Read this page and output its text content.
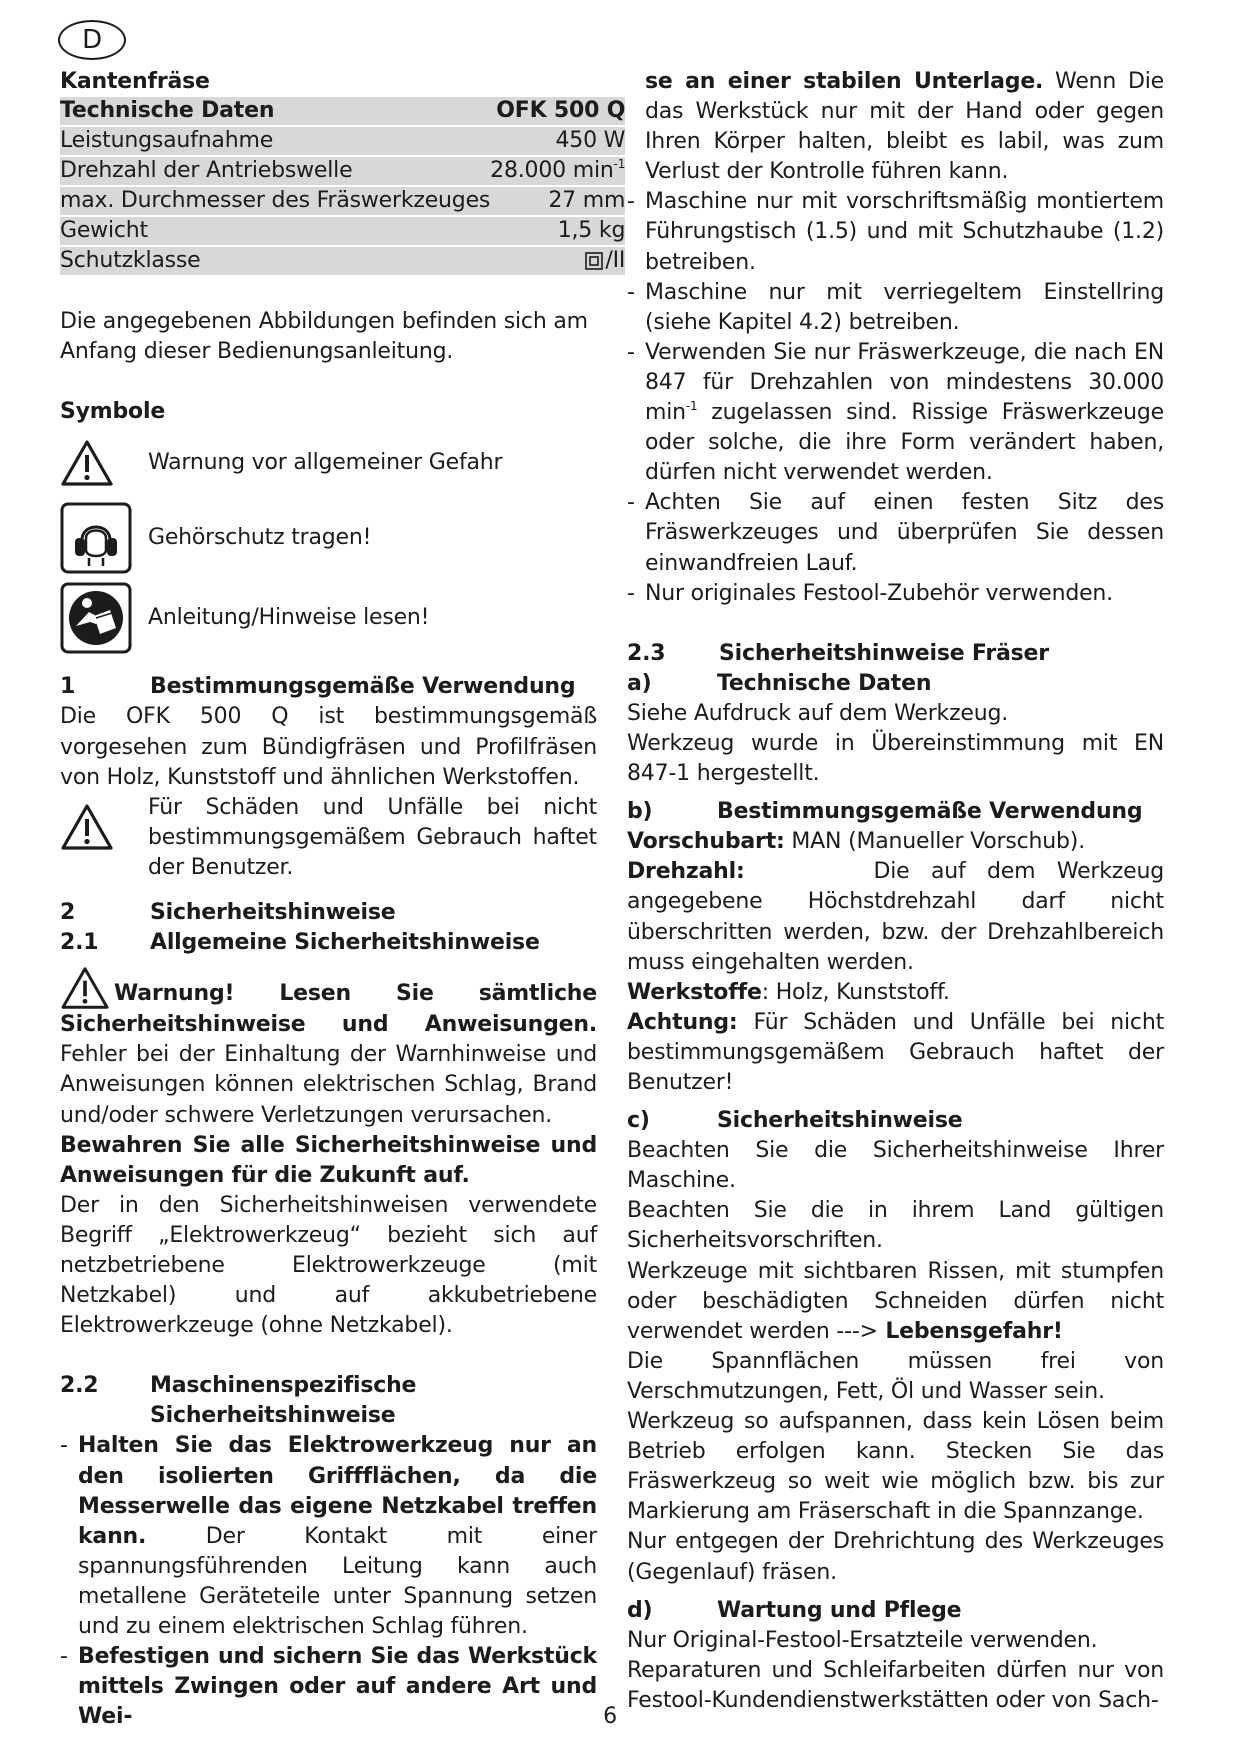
D

Kantenfräse

Technische Daten	OFK 500 Q
Leistungsaufnahme	450 W
Drehzahl der Antriebswelle	28.000 $\min^{-1}$
max. Durchmesser des Fräswerkzeuges	27 mm
Gewicht	1,5 kg
Schutzklasse	/II

Die angegebenen Abbildungen befinden sich am Anfang dieser Bedienungsanleitung.

Symbole

Warnung vor allgemeiner Gefahr
Gehörschutz tragen!
Anleitung/Hinweise lesen!
1	Bestimmungsgemäße Verwendung

Die OFK 500 Q ist bestimmungsgemäß vorgesehen zum Bündigfräsen und Profilfräsen von Holz, Kunststoff und ähnlichen Werkstoffen.

Für Schäden und Unfälle bei nicht bestimmungsgemäßem Gebrauch haftet der Benutzer.

2	Sicherheitshinweise
2.1	Allgemeine Sicherheitshinweise

Warnung! Lesen Sie sämtliche Sicherheitshinweise und Anweisungen. Fehler bei der Einhaltung der Warnhinweise und Anweisungen können elektrischen Schlag, Brand und/oder schwere Verletzungen verursachen.

Bewahren Sie alle Sicherheitshinweise und Anweisungen für die Zukunft auf.

Der in den Sicherheitshinweisen verwendete Begriff „Elektrowerkzeug“ bezieht sich auf netzbetriebene Elektrowerkzeuge (mit Netzkabel) und auf akkubetriebene Elektrowerkzeuge (ohne Netzkabel).

2.2	Maschinenspezifische Sicherheitshinweise
- Halten Sie das Elektrowerkzeug nur an den isolierten Griffflächen, da die Messerwelle das eigene Netzkabel treffen kann. Der Kontakt mit einer spannungsführenden Leitung kann auch metallene Geräteteile unter Spannung setzen und zu einem elektrischen Schlag führen.

- Befestigen und sichern Sie das Werkstück mittels Zwingen oder auf andere Art und Wei-

se an einer stabilen Unterlage. Wenn Die das Werkstück nur mit der Hand oder gegen Ihren Körper halten, bleibt es labil, was zum Verlust der Kontrolle führen kann.

- Maschine nur mit vorschriftsmäßig montiertem Führungstisch (1.5) und mit Schutzhaube (1.2) betreiben.

- Maschine nur mit verriegeltem Einstellring (siehe Kapitel 4.2) betreiben.

- Verwenden Sie nur Fräswerkzeuge, die nach EN 847 für Drehzahlen von mindestens 30.000 $\min^{-1}$ zugelassen sind. Rissige Fräswerkzeuge oder solche, die ihre Form verändert haben, dürfen nicht verwendet werden.

- Achten Sie auf einen festen Sitz des Fräswerkzeuges und überprüfen Sie dessen einwandfreien Lauf.

- Nur originales Festool-Zubehör verwenden.

2.3	Sicherheitshinweise Fräser
a)	Technische Daten

Siehe Aufdruck auf dem Werkzeug.

Werkzeug wurde in Übereinstimmung mit EN 847-1 hergestellt.

b)	Bestimmungsgemäße Verwendung

Vorschubart: MAN (Manueller Vorschub).

Drehzahl:	Die auf dem Werkzeug angegebene Höchstdrehzahl darf nicht überschritten werden, bzw. der Drehzahlbereich muss eingehalten werden.

Werkstoffe: Holz, Kunststoff.

Achtung: Für Schäden und Unfälle bei nicht bestimmungsgemäßem Gebrauch haftet der Benutzer!

c)	Sicherheitshinweise

Beachten Sie die Sicherheitshinweise Ihrer Maschine.

Beachten Sie die in ihrem Land gültigen Sicherheitsvorschriften.

Werkzeuge mit sichtbaren Rissen, mit stumpfen oder beschädigten Schneiden dürfen nicht verwendet werden ---> Lebensgefahr!

Die Spannflächen müssen frei von Verschmutzungen, Fett, Öl und Wasser sein.

Werkzeug so aufspannen, dass kein Lösen beim Betrieb erfolgen kann. Stecken Sie das Fräswerkzeug so weit wie möglich bzw. bis zur Markierung am Fräserschaft in die Spannzange.

Nur entgegen der Drehrichtung des Werkzeuges (Gegenlauf) fräsen.

d)	Wartung und Pflege

Nur Original-Festool-Ersatzteile verwenden.

Reparaturen und Schleifarbeiten dürfen nur von Festool-Kundendienstwerkstätten oder von Sach-

6
